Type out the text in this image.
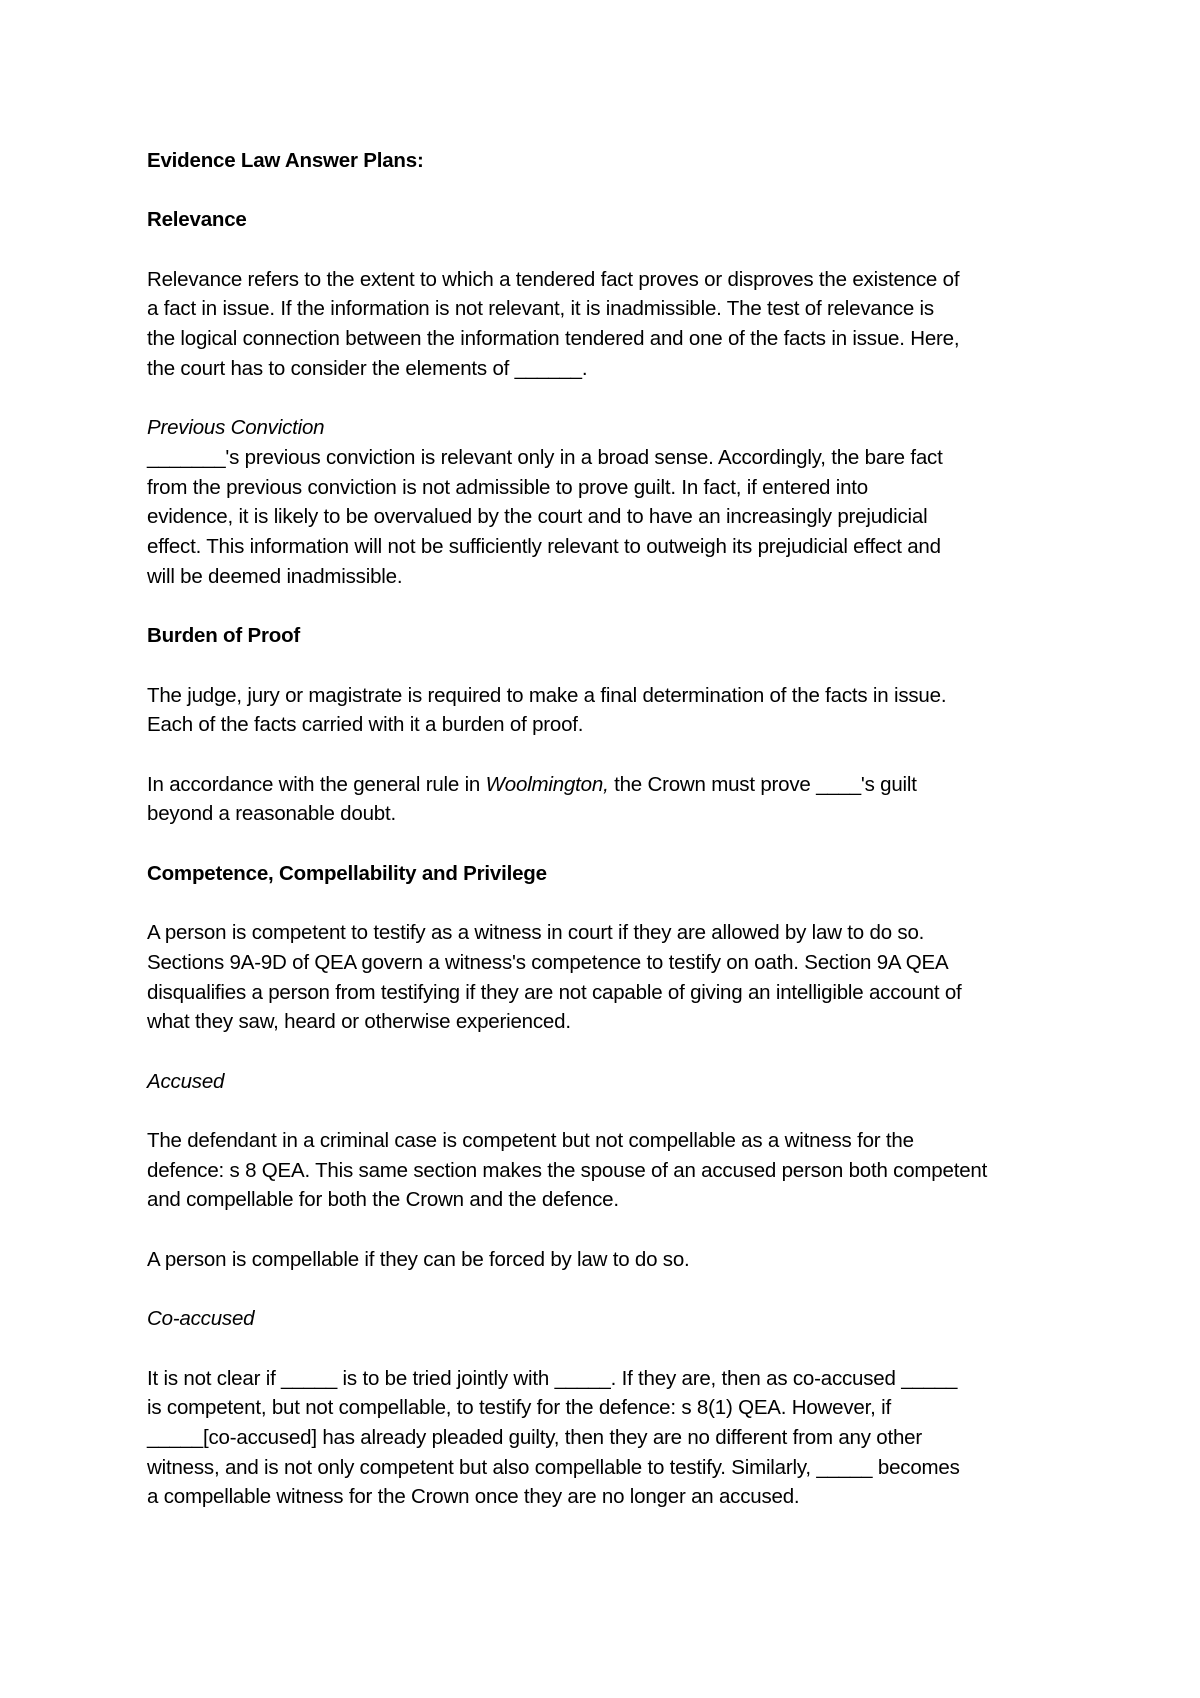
Evidence Law Answer Plans:

Relevance

Relevance refers to the extent to which a tendered fact proves or disproves the existence of
a fact in issue. If the information is not relevant, it is inadmissible. The test of relevance is
the logical connection between the information tendered and one of the facts in issue. Here,
the court has to consider the elements of ______.

Previous Conviction

_______'s previous conviction is relevant only in a broad sense. Accordingly, the bare fact
from the previous conviction is not admissible to prove guilt. In fact, if entered into
evidence, it is likely to be overvalued by the court and to have an increasingly prejudicial
effect. This information will not be sufficiently relevant to outweigh its prejudicial effect and
will be deemed inadmissible.

Burden of Proof

The judge, jury or magistrate is required to make a final determination of the facts in issue.
Each of the facts carried with it a burden of proof.

In accordance with the general rule in Woolmington, the Crown must prove ____'s guilt
beyond a reasonable doubt.

Competence, Compellability and Privilege

A person is competent to testify as a witness in court if they are allowed by law to do so.
Sections 9A-9D of QEA govern a witness's competence to testify on oath. Section 9A QEA
disqualifies a person from testifying if they are not capable of giving an intelligible account of
what they saw, heard or otherwise experienced.

Accused

The defendant in a criminal case is competent but not compellable as a witness for the
defence: s 8 QEA. This same section makes the spouse of an accused person both competent
and compellable for both the Crown and the defence.

A person is compellable if they can be forced by law to do so.

Co-accused

It is not clear if _____ is to be tried jointly with _____. If they are, then as co-accused _____
is competent, but not compellable, to testify for the defence: s 8(1) QEA. However, if
_____[co-accused] has already pleaded guilty, then they are no different from any other
witness, and is not only competent but also compellable to testify. Similarly, _____ becomes
a compellable witness for the Crown once they are no longer an accused.
